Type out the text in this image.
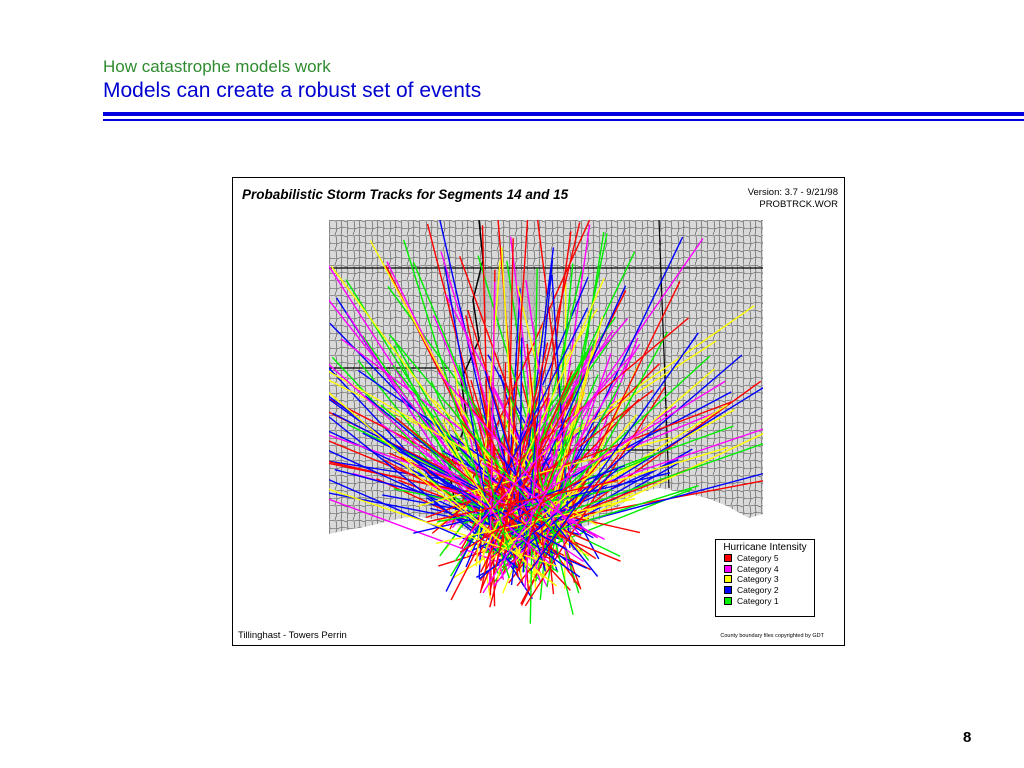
How catastrophe models work
Models can create a robust set of events
Probabilistic Storm Tracks for Segments 14 and 15	Version: 3.7 - 9/21/98
PROBTRCK.WOR
Hurricane Intensity
Category 5
Category 4
Category 3
Category 2
Category 1
Tillinghast - Towers Perrin	County boundary files copyrighted by GDT
8
